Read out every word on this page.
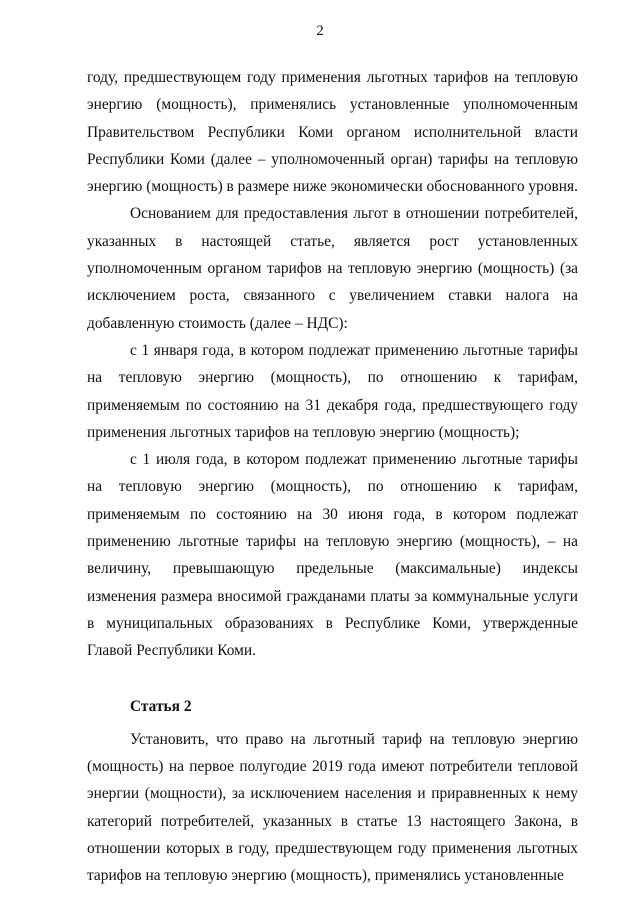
2

году, предшествующем году применения льготных тарифов на тепловую энергию (мощность), применялись установленные уполномоченным Правительством Республики Коми органом исполнительной власти Республики Коми (далее – уполномоченный орган) тарифы на тепловую энергию (мощность) в размере ниже экономически обоснованного уровня.

Основанием для предоставления льгот в отношении потребителей, указанных в настоящей статье, является рост установленных уполномоченным органом тарифов на тепловую энергию (мощность) (за исключением роста, связанного с увеличением ставки налога на добавленную стоимость (далее – НДС):

с 1 января года, в котором подлежат применению льготные тарифы на тепловую энергию (мощность), по отношению к тарифам, применяемым по состоянию на 31 декабря года, предшествующего году применения льготных тарифов на тепловую энергию (мощность);

с 1 июля года, в котором подлежат применению льготные тарифы на тепловую энергию (мощность), по отношению к тарифам, применяемым по состоянию на 30 июня года, в котором подлежат применению льготные тарифы на тепловую энергию (мощность), – на величину, превышающую предельные (максимальные) индексы изменения размера вносимой гражданами платы за коммунальные услуги в муниципальных образованиях в Республике Коми, утвержденные Главой Республики Коми.

Статья 2

Установить, что право на льготный тариф на тепловую энергию (мощность) на первое полугодие 2019 года имеют потребители тепловой энергии (мощности), за исключением населения и приравненных к нему категорий потребителей, указанных в статье 13 настоящего Закона, в отношении которых в году, предшествующем году применения льготных тарифов на тепловую энергию (мощность), применялись установленные
